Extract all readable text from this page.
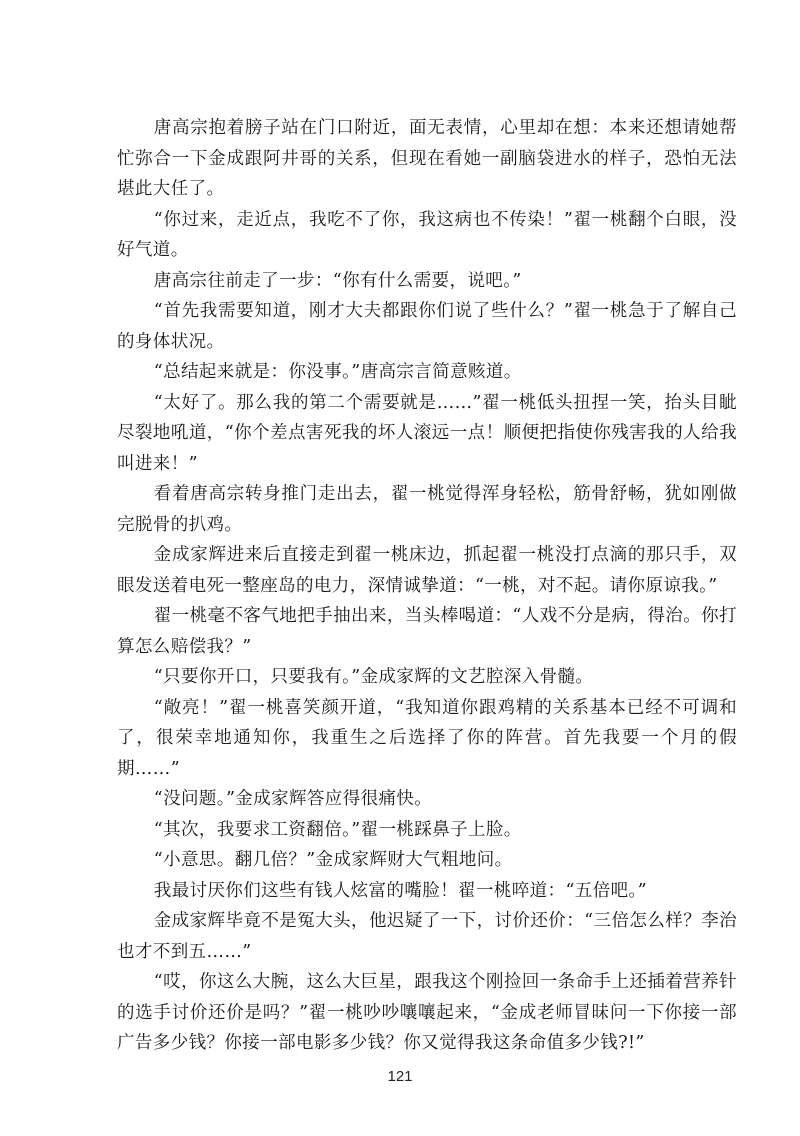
唐高宗抱着膀子站在门口附近，面无表情，心里却在想：本来还想请她帮忙弥合一下金成跟阿井哥的关系，但现在看她一副脑袋进水的样子，恐怕无法堪此大任了。

“你过来，走近点，我吃不了你，我这病也不传染！”翟一桃翻个白眼，没好气道。

唐高宗往前走了一步：“你有什么需要，说吧。”

“首先我需要知道，刚才大夫都跟你们说了些什么？”翟一桃急于了解自己的身体状况。

“总结起来就是：你没事。”唐高宗言简意赅道。

“太好了。那么我的第二个需要就是……”翟一桃低头扭捏一笑，抬头目眦尽裂地吼道，“你个差点害死我的坏人滚远一点！顺便把指使你残害我的人给我叫进来！”

看着唐高宗转身推门走出去，翟一桃觉得浑身轻松，筋骨舒畅，犹如刚做完脱骨的扒鸡。

金成家辉进来后直接走到翟一桃床边，抓起翟一桃没打点滴的那只手，双眼发送着电死一整座岛的电力，深情诚挚道：“一桃，对不起。请你原谅我。”

翟一桃毫不客气地把手抽出来，当头棒喝道：“人戏不分是病，得治。你打算怎么赔偿我？”

“只要你开口，只要我有。”金成家辉的文艺腔深入骨髓。

“敞亮！”翟一桃喜笑颜开道，“我知道你跟鸡精的关系基本已经不可调和了，很荣幸地通知你，我重生之后选择了你的阵营。首先我要一个月的假期……”

“没问题。”金成家辉答应得很痛快。

“其次，我要求工资翻倍。”翟一桃踩鼻子上脸。

“小意思。翻几倍？”金成家辉财大气粗地问。

我最讨厌你们这些有钱人炫富的嘴脸！翟一桃啐道：“五倍吧。”

金成家辉毕竟不是冤大头，他迟疑了一下，讨价还价：“三倍怎么样？李治也才不到五……”

“哎，你这么大腕，这么大巨星，跟我这个刚捡回一条命手上还插着营养针的选手讨价还价是吗？”翟一桃吵吵嚷嚷起来，“金成老师冒昧问一下你接一部广告多少钱？你接一部电影多少钱？你又觉得我这条命值多少钱?!”

121
